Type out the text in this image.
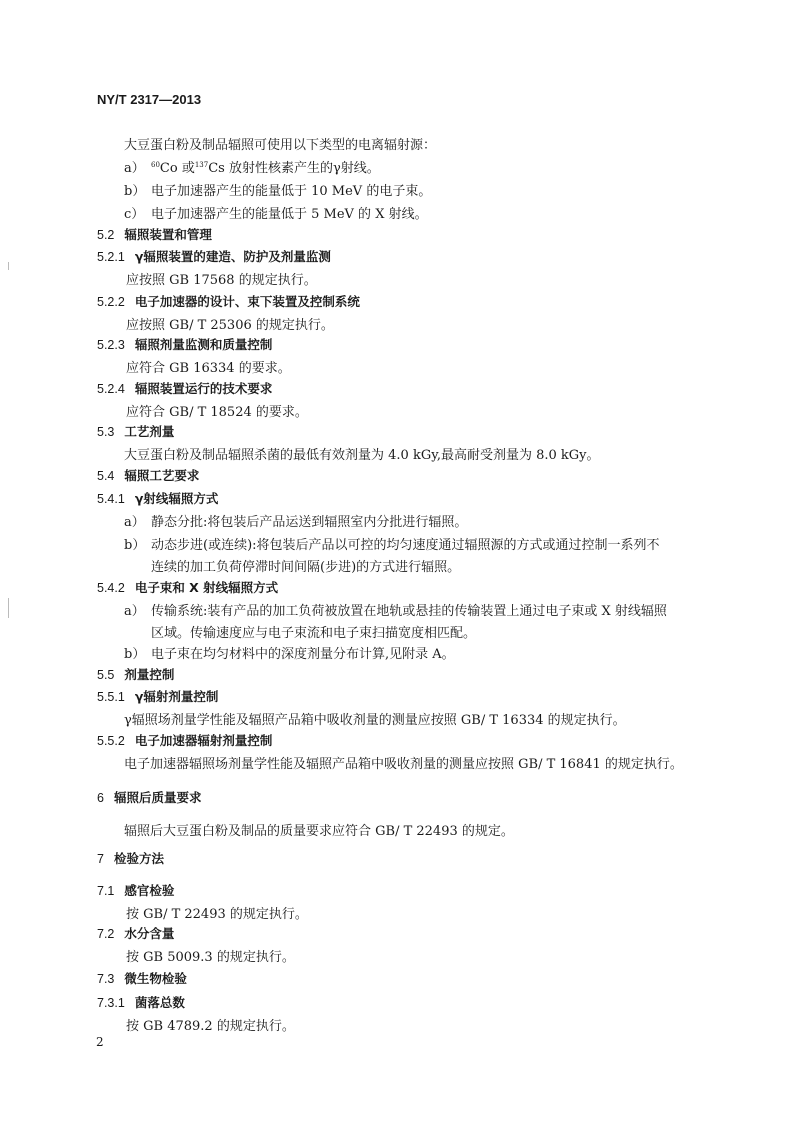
NY/T 2317—2013
大豆蛋白粉及制品辐照可使用以下类型的电离辐射源：
a） $^{60}$Co 或$^{137}$Cs 放射性核素产生的γ射线。
b） 电子加速器产生的能量低于 10 MeV 的电子束。
c） 电子加速器产生的能量低于 5 MeV 的 X 射线。
5.2 辐照装置和管理
5.2.1 γ辐照装置的建造、防护及剂量监测
应按照 GB 17568 的规定执行。
5.2.2 电子加速器的设计、束下装置及控制系统
应按照 GB/ T 25306 的规定执行。
5.2.3 辐照剂量监测和质量控制
应符合 GB 16334 的要求。
5.2.4 辐照装置运行的技术要求
应符合 GB/ T 18524 的要求。
5.3 工艺剂量
大豆蛋白粉及制品辐照杀菌的最低有效剂量为 4.0 kGy,最高耐受剂量为 8.0 kGy。
5.4 辐照工艺要求
5.4.1 γ射线辐照方式
a） 静态分批:将包装后产品运送到辐照室内分批进行辐照。
b） 动态步进(或连续):将包装后产品以可控的均匀速度通过辐照源的方式或通过控制一系列不
连续的加工负荷停滞时间间隔(步进)的方式进行辐照。
5.4.2 电子束和 X 射线辐照方式
a） 传输系统:装有产品的加工负荷被放置在地轨或悬挂的传输装置上通过电子束或 X 射线辐照
区域。传输速度应与电子束流和电子束扫描宽度相匹配。
b） 电子束在均匀材料中的深度剂量分布计算,见附录 A。
5.5 剂量控制
5.5.1 γ辐射剂量控制
γ辐照场剂量学性能及辐照产品箱中吸收剂量的测量应按照 GB/ T 16334 的规定执行。
5.5.2 电子加速器辐射剂量控制
电子加速器辐照场剂量学性能及辐照产品箱中吸收剂量的测量应按照 GB/ T 16841 的规定执行。
6 辐照后质量要求
辐照后大豆蛋白粉及制品的质量要求应符合 GB/ T 22493 的规定。
7 检验方法
7.1 感官检验
按 GB/ T 22493 的规定执行。
7.2 水分含量
按 GB 5009.3 的规定执行。
7.3 微生物检验
7.3.1 菌落总数
按 GB 4789.2 的规定执行。
2
